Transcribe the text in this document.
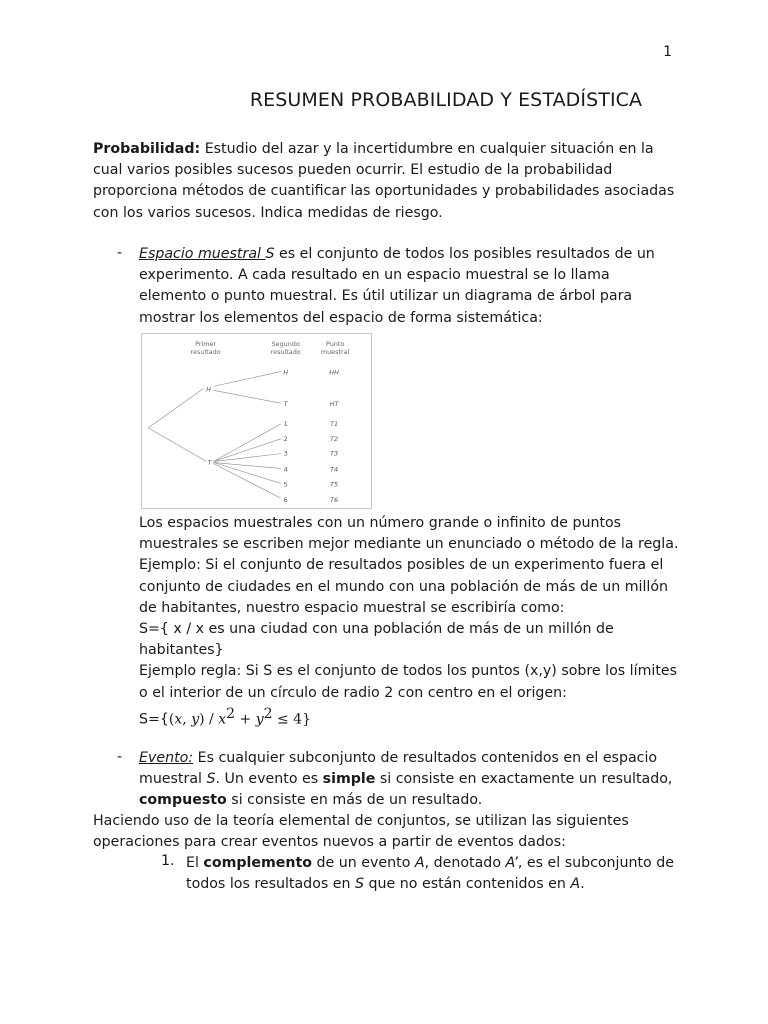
1
RESUMEN PROBABILIDAD Y ESTADÍSTICA

Probabilidad: Estudio del azar y la incertidumbre en cualquier situación en la cual varios posibles sucesos pueden ocurrir. El estudio de la probabilidad proporciona métodos de cuantificar las oportunidades y probabilidades asociadas con los varios sucesos. Indica medidas de riesgo.

- Espacio muestral S es el conjunto de todos los posibles resultados de un experimento. A cada resultado en un espacio muestral se lo llama elemento o punto muestral. Es útil utilizar un diagrama de árbol para mostrar los elementos del espacio de forma sistemática:

Primer
resultado
Segundo
resultado
Punto
muestral
H
T
H
T
HH
HT
1
2
3
4
5
6
T1
T2
T3
T4
T5
T6

Los espacios muestrales con un número grande o infinito de puntos muestrales se escriben mejor mediante un enunciado o método de la regla.

Ejemplo: Si el conjunto de resultados posibles de un experimento fuera el conjunto de ciudades en el mundo con una población de más de un millón de habitantes, nuestro espacio muestral se escribiría como:

S={ x / x es una ciudad con una población de más de un millón de habitantes}

Ejemplo regla: Si S es el conjunto de todos los puntos (x,y) sobre los límites o el interior de un círculo de radio 2 con centro en el origen:

S={(x, $y) / x^2 + y^2 \le 4$}

- Evento: Es cualquier subconjunto de resultados contenidos en el espacio muestral S. Un evento es simple si consiste en exactamente un resultado, compuesto si consiste en más de un resultado.

Haciendo uso de la teoría elemental de conjuntos, se utilizan las siguientes operaciones para crear eventos nuevos a partir de eventos dados:

1. El complemento de un evento A, denotado A’, es el subconjunto de todos los resultados en S que no están contenidos en A.
